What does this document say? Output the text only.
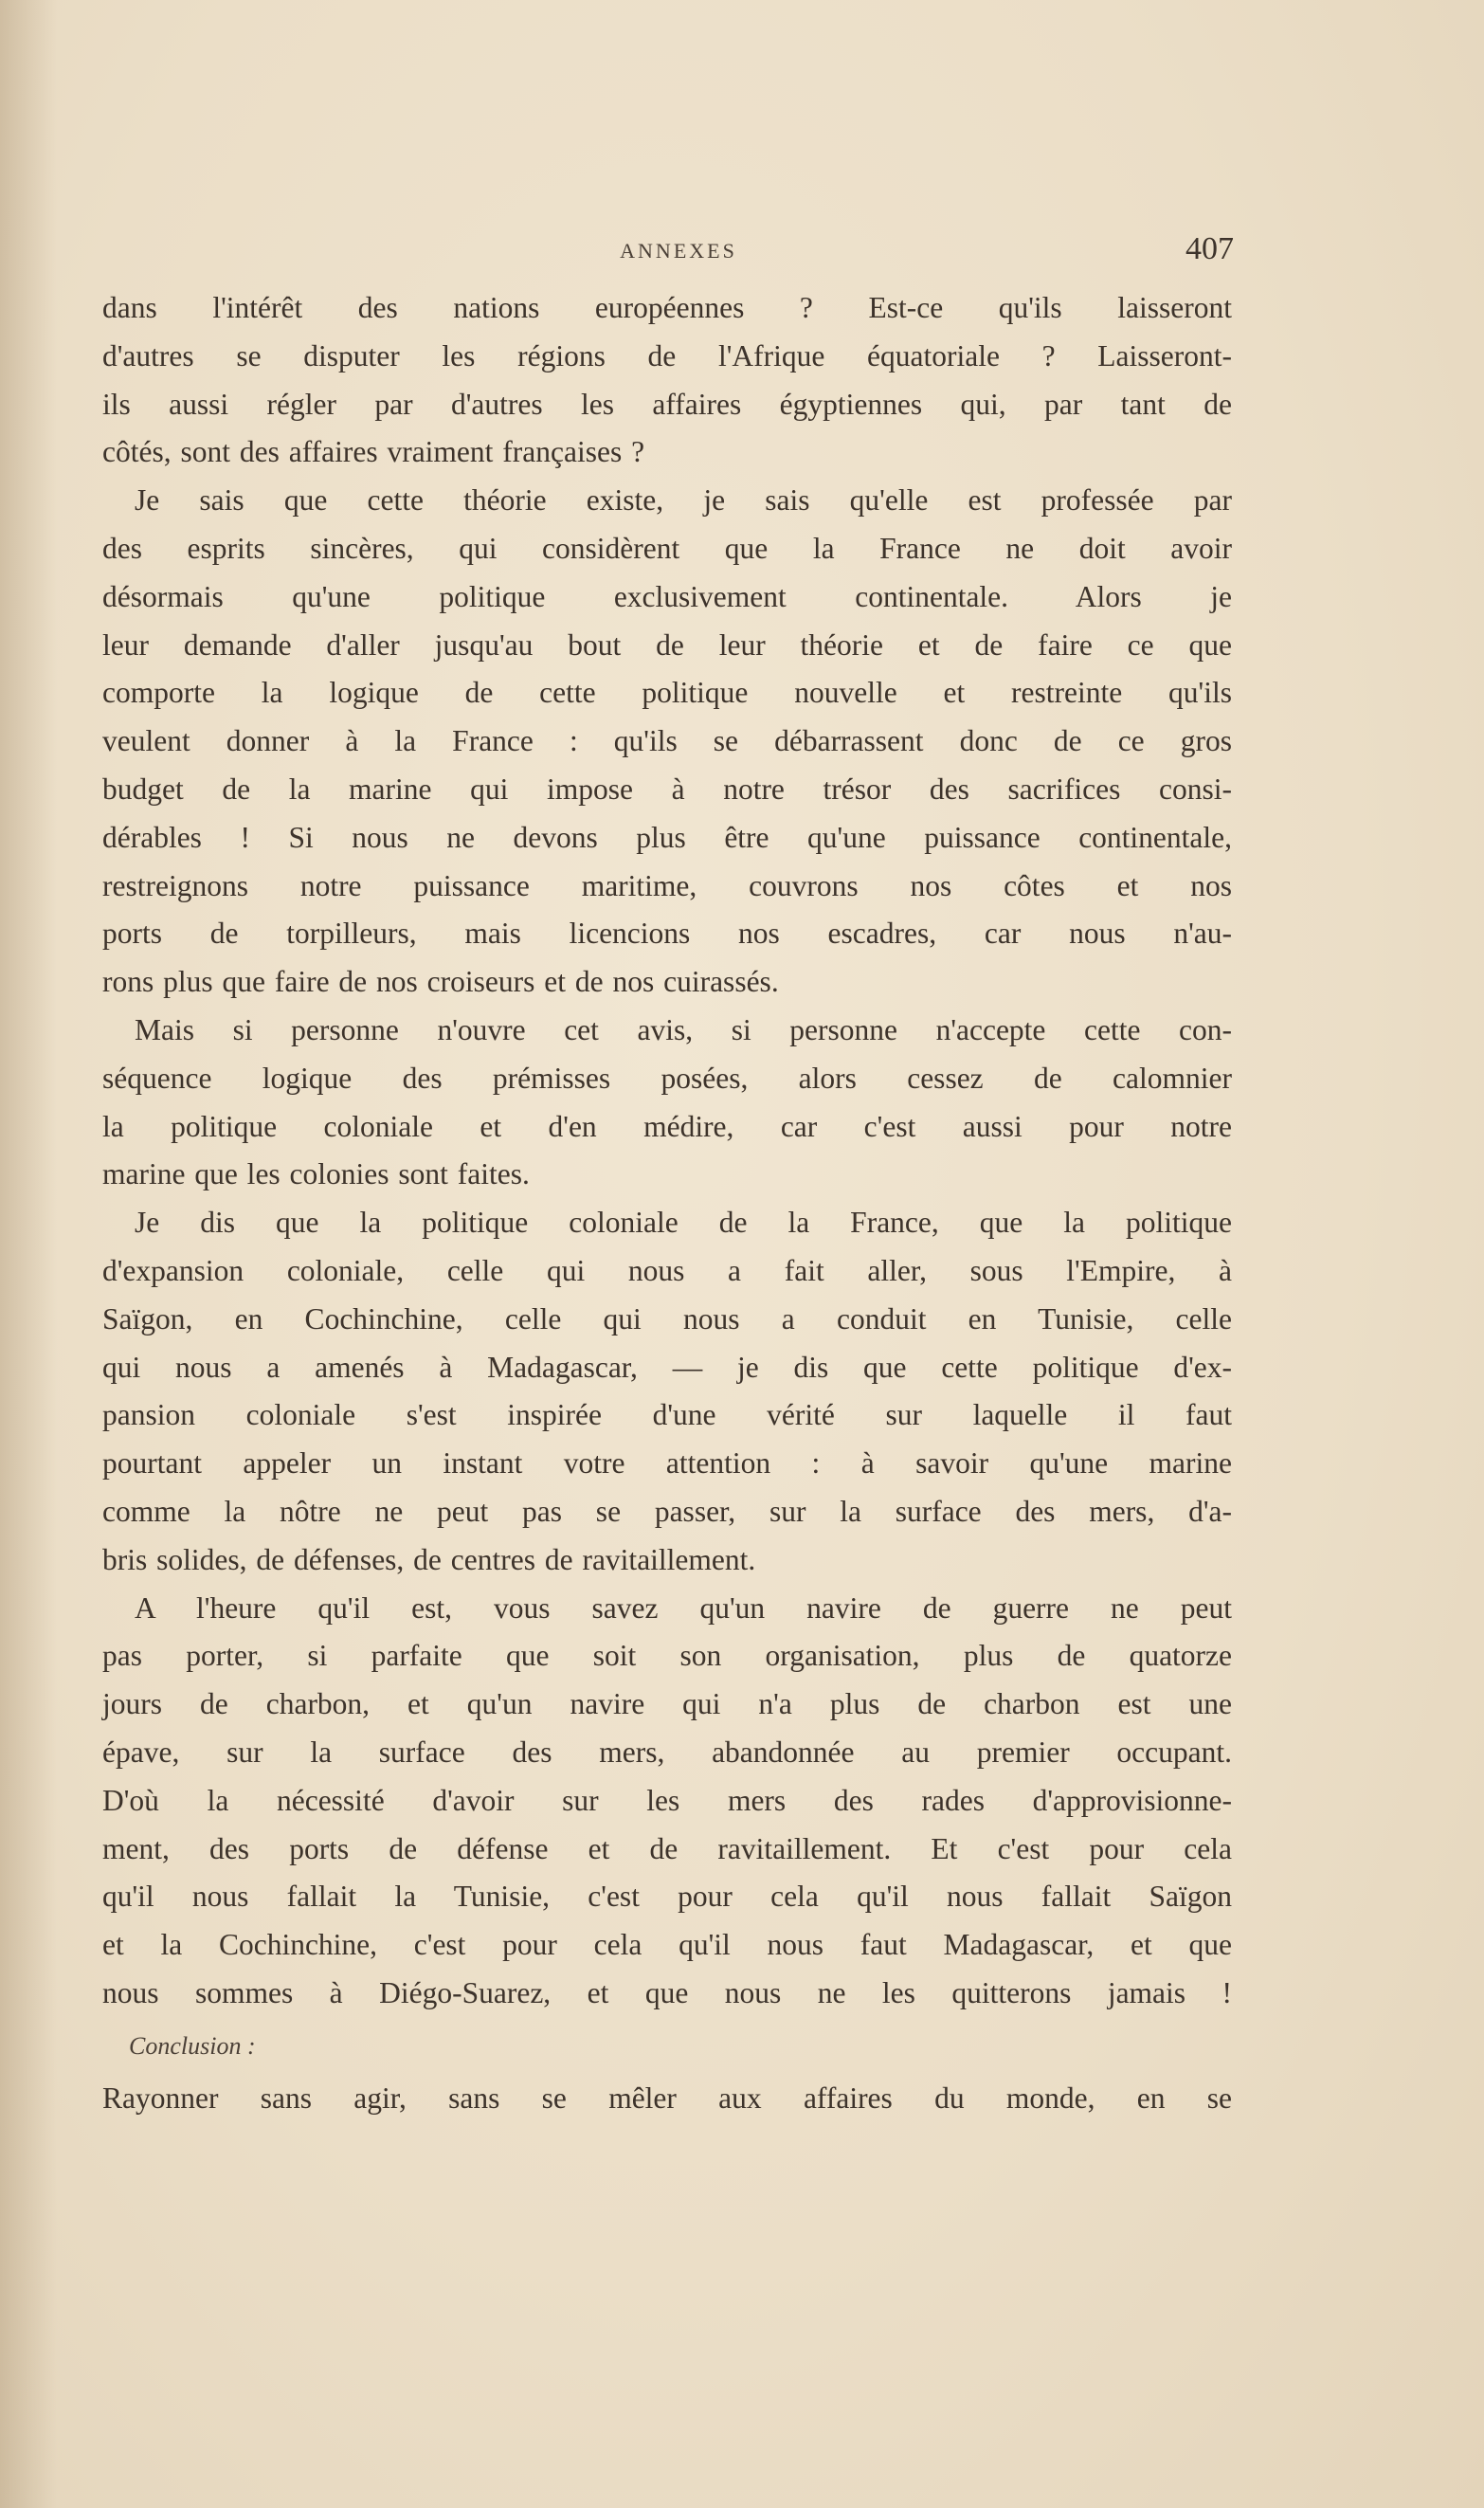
ANNEXES	407
dans l'intérêt des nations européennes ? Est-ce qu'ils laisseront
d'autres se disputer les régions de l'Afrique équatoriale ? Laisseront-
ils aussi régler par d'autres les affaires égyptiennes qui, par tant de
côtés, sont des affaires vraiment françaises ?
Je sais que cette théorie existe, je sais qu'elle est professée par
des esprits sincères, qui considèrent que la France ne doit avoir
désormais qu'une politique exclusivement continentale. Alors je
leur demande d'aller jusqu'au bout de leur théorie et de faire ce que
comporte la logique de cette politique nouvelle et restreinte qu'ils
veulent donner à la France : qu'ils se débarrassent donc de ce gros
budget de la marine qui impose à notre trésor des sacrifices consi-
dérables ! Si nous ne devons plus être qu'une puissance continentale,
restreignons notre puissance maritime, couvrons nos côtes et nos
ports de torpilleurs, mais licencions nos escadres, car nous n'au-
rons plus que faire de nos croiseurs et de nos cuirassés.
Mais si personne n'ouvre cet avis, si personne n'accepte cette con-
séquence logique des prémisses posées, alors cessez de calomnier
la politique coloniale et d'en médire, car c'est aussi pour notre
marine que les colonies sont faites.
Je dis que la politique coloniale de la France, que la politique
d'expansion coloniale, celle qui nous a fait aller, sous l'Empire, à
Saïgon, en Cochinchine, celle qui nous a conduit en Tunisie, celle
qui nous a amenés à Madagascar, — je dis que cette politique d'ex-
pansion coloniale s'est inspirée d'une vérité sur laquelle il faut
pourtant appeler un instant votre attention : à savoir qu'une marine
comme la nôtre ne peut pas se passer, sur la surface des mers, d'a-
bris solides, de défenses, de centres de ravitaillement.
A l'heure qu'il est, vous savez qu'un navire de guerre ne peut
pas porter, si parfaite que soit son organisation, plus de quatorze
jours de charbon, et qu'un navire qui n'a plus de charbon est une
épave, sur la surface des mers, abandonnée au premier occupant.
D'où la nécessité d'avoir sur les mers des rades d'approvisionne-
ment, des ports de défense et de ravitaillement. Et c'est pour cela
qu'il nous fallait la Tunisie, c'est pour cela qu'il nous fallait Saïgon
et la Cochinchine, c'est pour cela qu'il nous faut Madagascar, et que
nous sommes à Diégo-Suarez, et que nous ne les quitterons jamais !
Conclusion :
Rayonner sans agir, sans se mêler aux affaires du monde, en se
